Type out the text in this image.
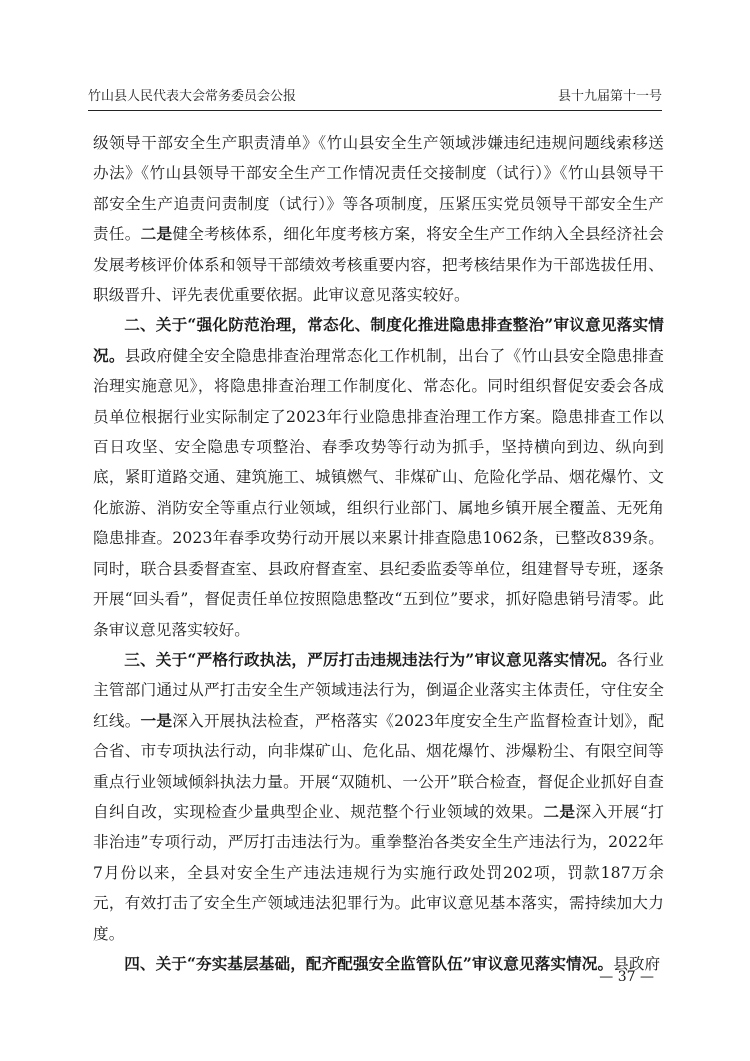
竹山县人民代表大会常务委员会公报	县十九届第十一号

级领导干部安全生产职责清单》《竹山县安全生产领域涉嫌违纪违规问题线索移送办法》《竹山县领导干部安全生产工作情况责任交接制度（试行）》《竹山县领导干部安全生产追责问责制度（试行）》等各项制度，压紧压实党员领导干部安全生产责任。二是健全考核体系，细化年度考核方案，将安全生产工作纳入全县经济社会发展考核评价体系和领导干部绩效考核重要内容，把考核结果作为干部选拔任用、职级晋升、评先表优重要依据。此审议意见落实较好。

二、关于“强化防范治理，常态化、制度化推进隐患排查整治”审议意见落实情况。县政府健全安全隐患排查治理常态化工作机制，出台了《竹山县安全隐患排查治理实施意见》，将隐患排查治理工作制度化、常态化。同时组织督促安委会各成员单位根据行业实际制定了2023年行业隐患排查治理工作方案。隐患排查工作以百日攻坚、安全隐患专项整治、春季攻势等行动为抓手，坚持横向到边、纵向到底，紧盯道路交通、建筑施工、城镇燃气、非煤矿山、危险化学品、烟花爆竹、文化旅游、消防安全等重点行业领域，组织行业部门、属地乡镇开展全覆盖、无死角隐患排查。2023年春季攻势行动开展以来累计排查隐患1062条，已整改839条。同时，联合县委督查室、县政府督查室、县纪委监委等单位，组建督导专班，逐条开展“回头看”，督促责任单位按照隐患整改“五到位”要求，抓好隐患销号清零。此条审议意见落实较好。

三、关于“严格行政执法，严厉打击违规违法行为”审议意见落实情况。各行业主管部门通过从严打击安全生产领域违法行为，倒逼企业落实主体责任，守住安全红线。一是深入开展执法检查，严格落实《2023年度安全生产监督检查计划》，配合省、市专项执法行动，向非煤矿山、危化品、烟花爆竹、涉爆粉尘、有限空间等重点行业领域倾斜执法力量。开展“双随机、一公开”联合检查，督促企业抓好自查自纠自改，实现检查少量典型企业、规范整个行业领域的效果。二是深入开展“打非治违”专项行动，严厉打击违法行为。重拳整治各类安全生产违法行为，2022年7月份以来，全县对安全生产违法违规行为实施行政处罚202项，罚款187万余元，有效打击了安全生产领域违法犯罪行为。此审议意见基本落实，需持续加大力度。

四、关于“夯实基层基础，配齐配强安全监管队伍”审议意见落实情况。县政府

— 37 —
